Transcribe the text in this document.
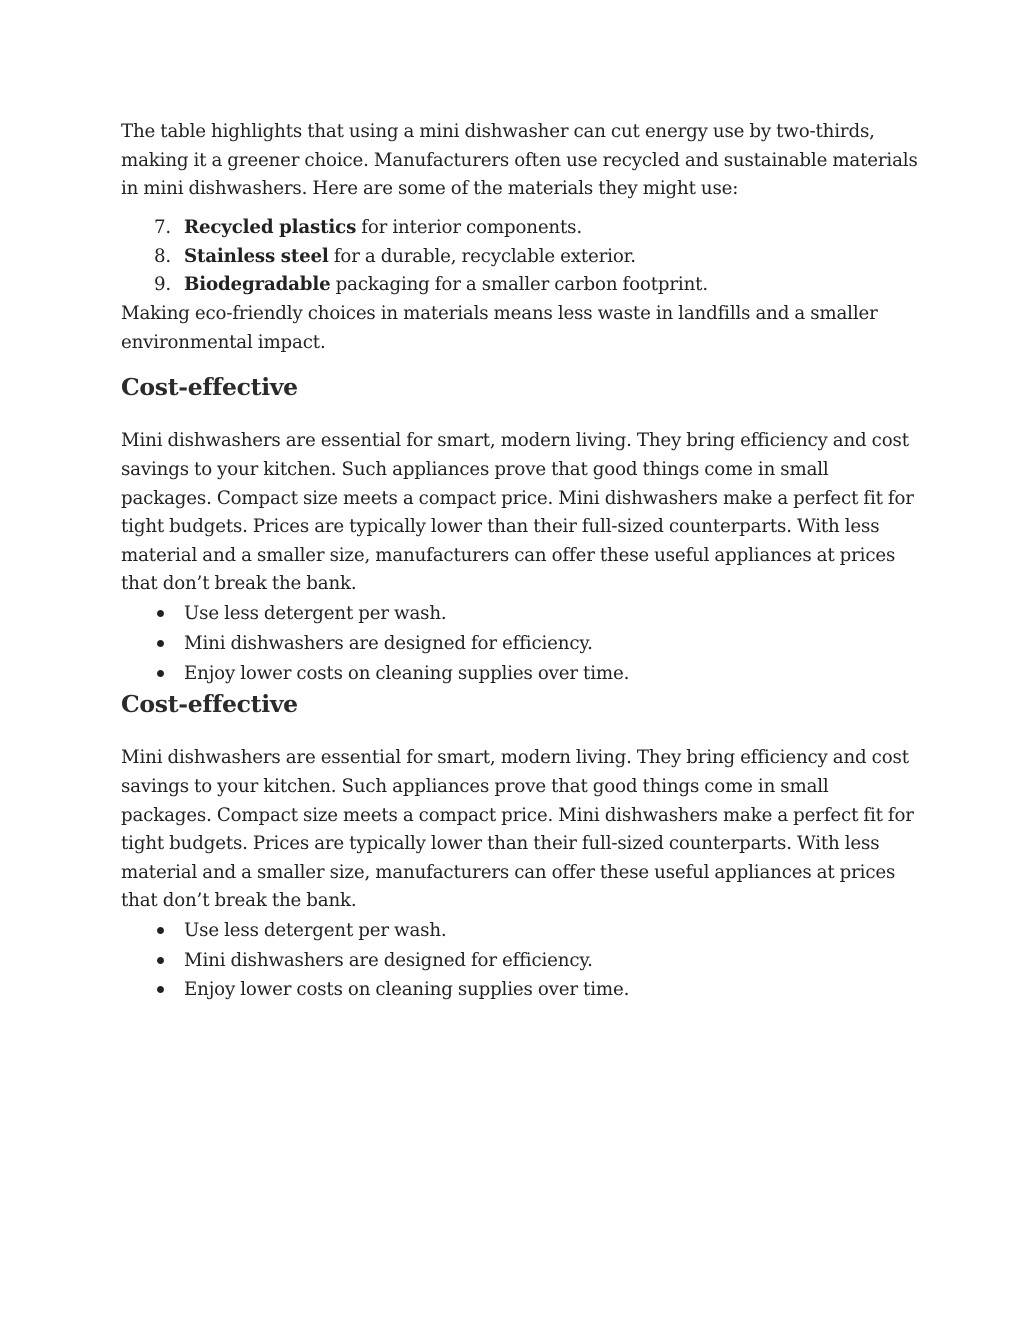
The table highlights that using a mini dishwasher can cut energy use by two-thirds, making it a greener choice. Manufacturers often use recycled and sustainable materials in mini dishwashers. Here are some of the materials they might use:

7. Recycled plastics for interior components.
8. Stainless steel for a durable, recyclable exterior.
9. Biodegradable packaging for a smaller carbon footprint.

Making eco-friendly choices in materials means less waste in landfills and a smaller environmental impact.

Cost-effective

Mini dishwashers are essential for smart, modern living. They bring efficiency and cost savings to your kitchen. Such appliances prove that good things come in small packages. Compact size meets a compact price. Mini dishwashers make a perfect fit for tight budgets. Prices are typically lower than their full-sized counterparts. With less material and a smaller size, manufacturers can offer these useful appliances at prices that don’t break the bank.

Use less detergent per wash.
Mini dishwashers are designed for efficiency.
Enjoy lower costs on cleaning supplies over time.
Cost-effective

Mini dishwashers are essential for smart, modern living. They bring efficiency and cost savings to your kitchen. Such appliances prove that good things come in small packages. Compact size meets a compact price. Mini dishwashers make a perfect fit for tight budgets. Prices are typically lower than their full-sized counterparts. With less material and a smaller size, manufacturers can offer these useful appliances at prices that don’t break the bank.

Use less detergent per wash.
Mini dishwashers are designed for efficiency.
Enjoy lower costs on cleaning supplies over time.
